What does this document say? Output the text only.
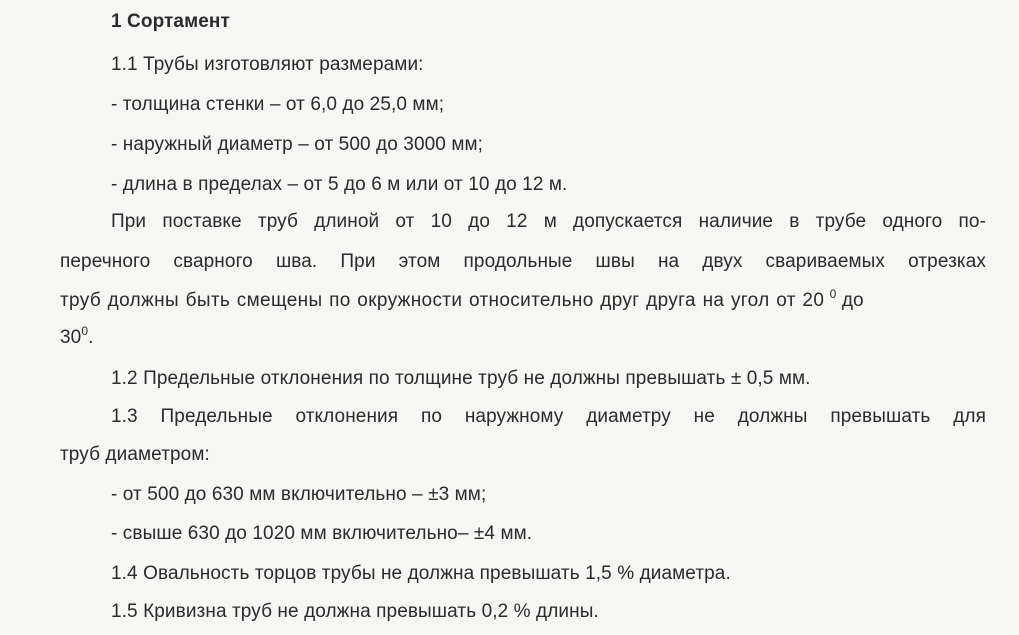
1 Сортамент
1.1 Трубы изготовляют размерами:
- толщина стенки – от 6,0 до 25,0 мм;
- наружный диаметр – от 500 до 3000 мм;
- длина в пределах – от 5 до 6 м или от 10 до 12 м.
При поставке труб длиной от 10 до 12 м допускается наличие в трубе одного по-
перечного сварного шва. При этом продольные швы на двух свариваемых отрезках
труб должны быть смещены по окружности относительно друг друга на угол от 20 $^0$ до
$30^0$.
1.2 Предельные отклонения по толщине труб не должны превышать ± 0,5 мм.
1.3 Предельные отклонения по наружному диаметру не должны превышать для
труб диаметром:
- от 500 до 630 мм включительно – ±3 мм;
- свыше 630 до 1020 мм включительно– ±4 мм.
1.4 Овальность торцов трубы не должна превышать 1,5 % диаметра.
1.5 Кривизна труб не должна превышать 0,2 % длины.
